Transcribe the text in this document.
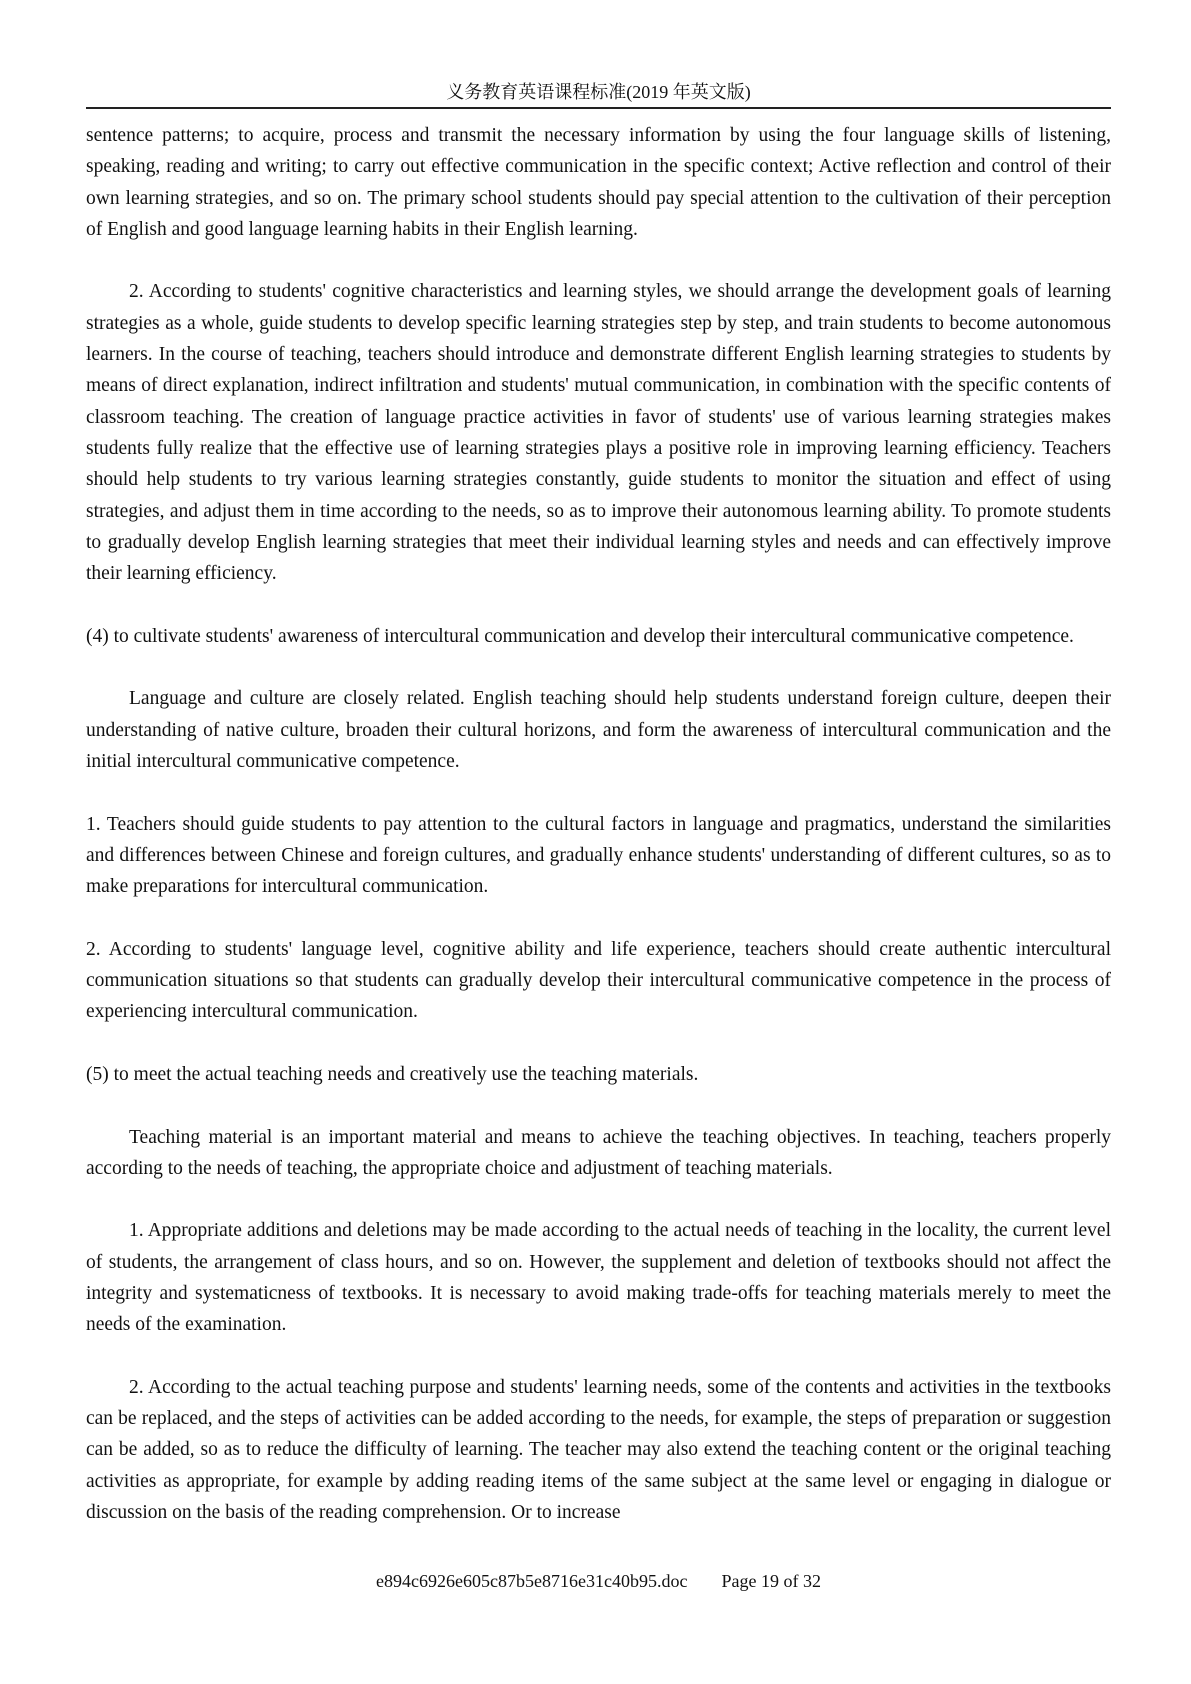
义务教育英语课程标准(2019 年英文版)

sentence patterns; to acquire, process and transmit the necessary information by using the four language skills of listening, speaking, reading and writing; to carry out effective communication in the specific context; Active reflection and control of their own learning strategies, and so on. The primary school students should pay special attention to the cultivation of their perception of English and good language learning habits in their English learning.

2. According to students' cognitive characteristics and learning styles, we should arrange the development goals of learning strategies as a whole, guide students to develop specific learning strategies step by step, and train students to become autonomous learners. In the course of teaching, teachers should introduce and demonstrate different English learning strategies to students by means of direct explanation, indirect infiltration and students' mutual communication, in combination with the specific contents of classroom teaching. The creation of language practice activities in favor of students' use of various learning strategies makes students fully realize that the effective use of learning strategies plays a positive role in improving learning efficiency. Teachers should help students to try various learning strategies constantly, guide students to monitor the situation and effect of using strategies, and adjust them in time according to the needs, so as to improve their autonomous learning ability. To promote students to gradually develop English learning strategies that meet their individual learning styles and needs and can effectively improve their learning efficiency.

(4) to cultivate students' awareness of intercultural communication and develop their intercultural communicative competence.

Language and culture are closely related. English teaching should help students understand foreign culture, deepen their understanding of native culture, broaden their cultural horizons, and form the awareness of intercultural communication and the initial intercultural communicative competence.

1. Teachers should guide students to pay attention to the cultural factors in language and pragmatics, understand the similarities and differences between Chinese and foreign cultures, and gradually enhance students' understanding of different cultures, so as to make preparations for intercultural communication.

2. According to students' language level, cognitive ability and life experience, teachers should create authentic intercultural communication situations so that students can gradually develop their intercultural communicative competence in the process of experiencing intercultural communication.

(5) to meet the actual teaching needs and creatively use the teaching materials.

Teaching material is an important material and means to achieve the teaching objectives. In teaching, teachers properly according to the needs of teaching, the appropriate choice and adjustment of teaching materials.

1. Appropriate additions and deletions may be made according to the actual needs of teaching in the locality, the current level of students, the arrangement of class hours, and so on. However, the supplement and deletion of textbooks should not affect the integrity and systematicness of textbooks. It is necessary to avoid making trade-offs for teaching materials merely to meet the needs of the examination.

2. According to the actual teaching purpose and students' learning needs, some of the contents and activities in the textbooks can be replaced, and the steps of activities can be added according to the needs, for example, the steps of preparation or suggestion can be added, so as to reduce the difficulty of learning. The teacher may also extend the teaching content or the original teaching activities as appropriate, for example by adding reading items of the same subject at the same level or engaging in dialogue or discussion on the basis of the reading comprehension. Or to increase

e894c6926e605c87b5e8716e31c40b95.doc Page 19 of 32
